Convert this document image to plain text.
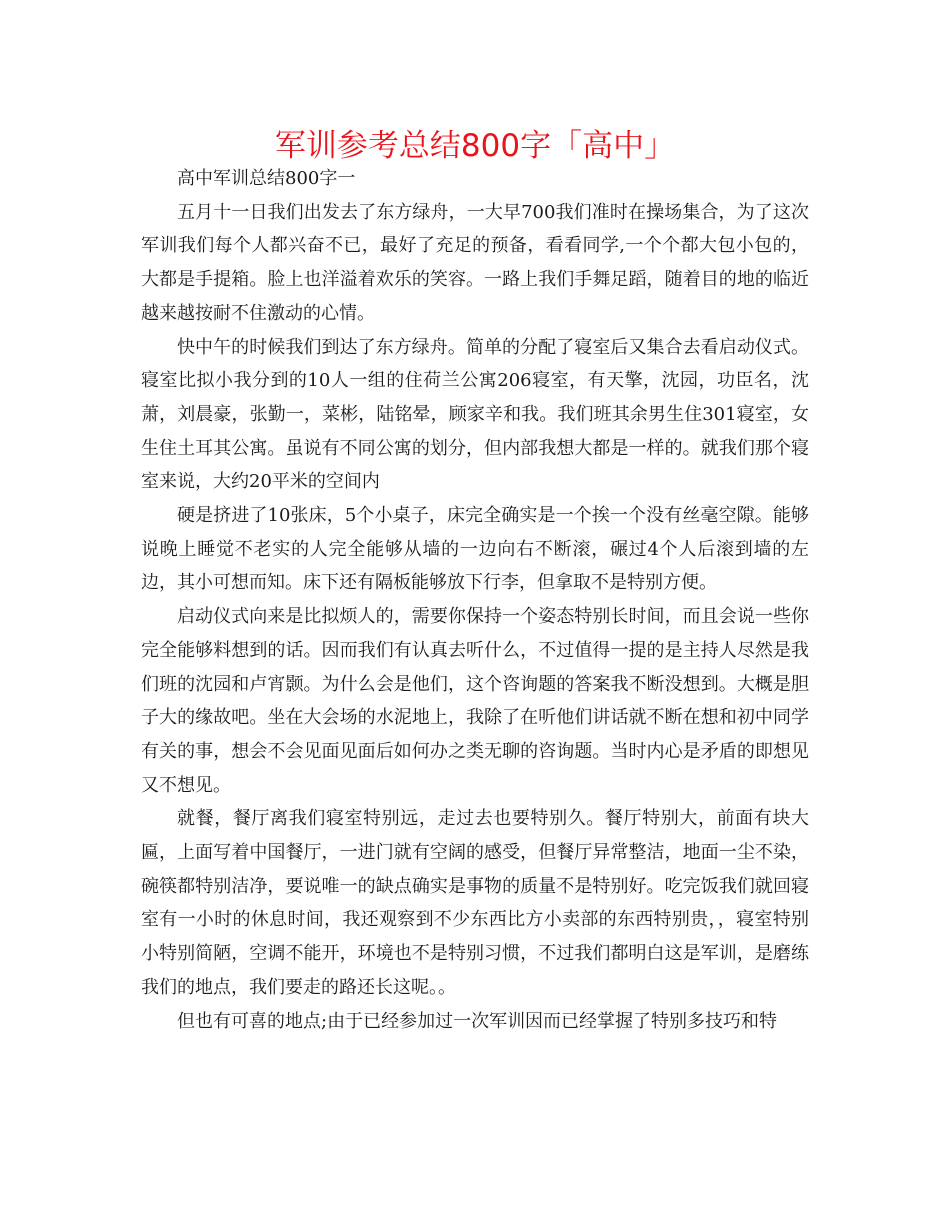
军训参考总结800字「高中」

高中军训总结800字一

五月十一日我们出发去了东方绿舟，一大早700我们准时在操场集合，为了这次军训我们每个人都兴奋不已，最好了充足的预备，看看同学,一个个都大包小包的，大都是手提箱。脸上也洋溢着欢乐的笑容。一路上我们手舞足蹈，随着目的地的临近越来越按耐不住激动的心情。

快中午的时候我们到达了东方绿舟。简单的分配了寝室后又集合去看启动仪式。寝室比拟小我分到的10人一组的住荷兰公寓206寝室，有天擎，沈园，功臣名，沈萧，刘晨豪，张勤一，菜彬，陆铭晕，顾家辛和我。我们班其余男生住301寝室，女生住土耳其公寓。虽说有不同公寓的划分，但内部我想大都是一样的。就我们那个寝室来说，大约20平米的空间内

硬是挤进了10张床，5个小桌子，床完全确实是一个挨一个没有丝毫空隙。能够说晚上睡觉不老实的人完全能够从墙的一边向右不断滚，碾过4个人后滚到墙的左边，其小可想而知。床下还有隔板能够放下行李，但拿取不是特别方便。

启动仪式向来是比拟烦人的，需要你保持一个姿态特别长时间，而且会说一些你完全能够料想到的话。因而我们有认真去听什么，不过值得一提的是主持人尽然是我们班的沈园和卢宵颢。为什么会是他们，这个咨询题的答案我不断没想到。大概是胆子大的缘故吧。坐在大会场的水泥地上，我除了在听他们讲话就不断在想和初中同学有关的事，想会不会见面见面后如何办之类无聊的咨询题。当时内心是矛盾的即想见又不想见。

就餐，餐厅离我们寝室特别远，走过去也要特别久。餐厅特别大，前面有块大匾，上面写着中国餐厅，一进门就有空阔的感受，但餐厅异常整洁，地面一尘不染，碗筷都特别洁净，要说唯一的缺点确实是事物的质量不是特别好。吃完饭我们就回寝室有一小时的休息时间，我还观察到不少东西比方小卖部的东西特别贵，，寝室特别小特别简陋，空调不能开，环境也不是特别习惯，不过我们都明白这是军训，是磨练我们的地点，我们要走的路还长这呢。。

但也有可喜的地点;由于已经参加过一次军训因而已经掌握了特别多技巧和特
